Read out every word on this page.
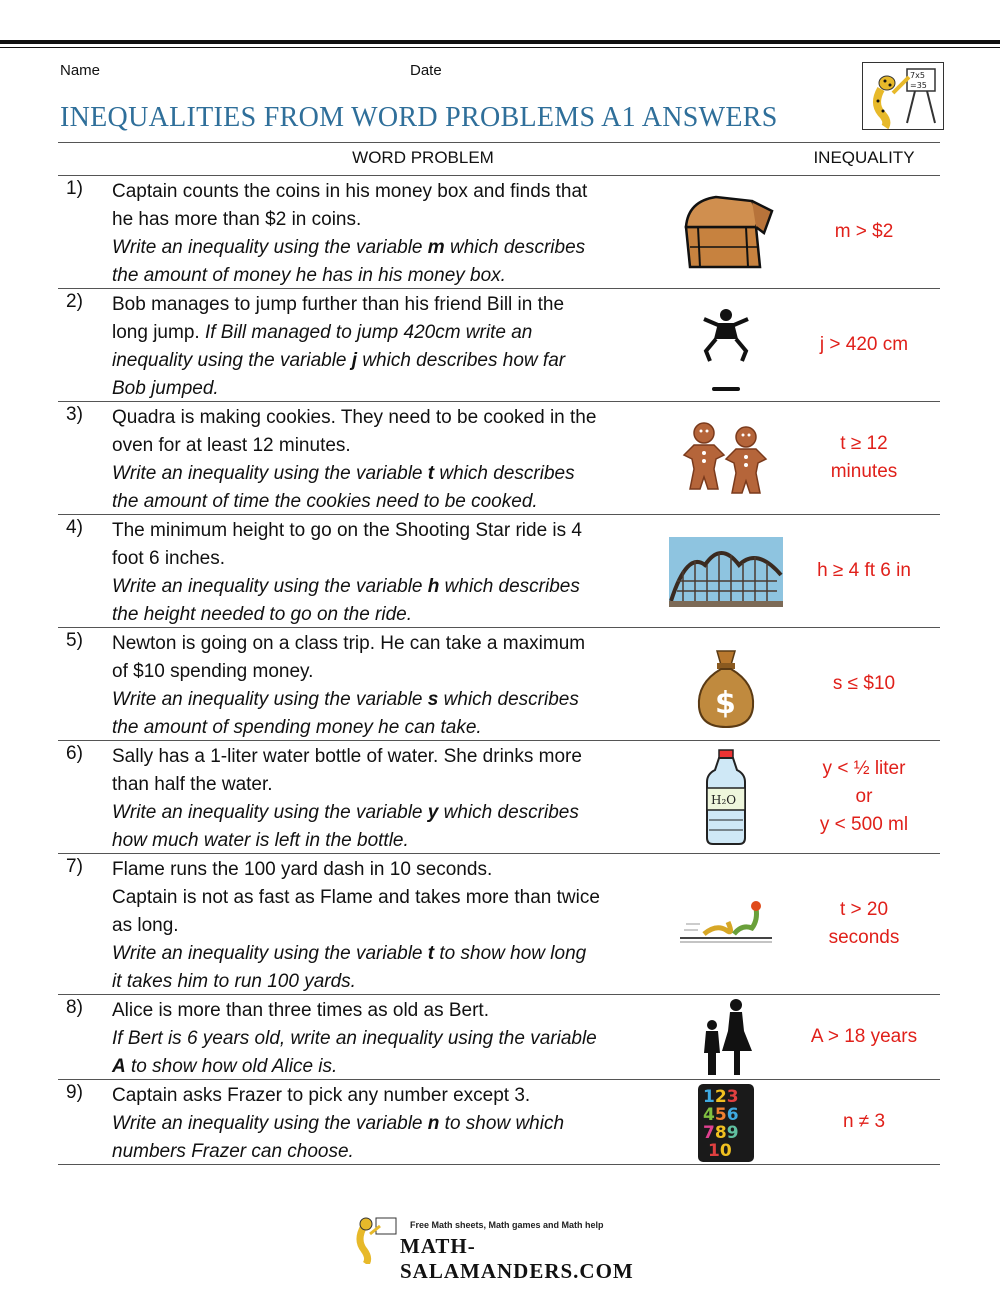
Name	Date
INEQUALITIES FROM WORD PROBLEMS A1 ANSWERS
7x5
=35
WORD PROBLEM	INEQUALITY
1) Captain counts the coins in his money box and finds that
he has more than $2 in coins.
Write an inequality using the variable m which describes
the amount of money he has in his money box.
m > $2
2) Bob manages to jump further than his friend Bill in the
long jump. If Bill managed to jump 420cm write an
inequality using the variable j which describes how far
Bob jumped.
j > 420 cm
3) Quadra is making cookies. They need to be cooked in the
oven for at least 12 minutes.
Write an inequality using the variable t which describes
the amount of time the cookies need to be cooked.
t ≥ 12
minutes
4) The minimum height to go on the Shooting Star ride is 4
foot 6 inches.
Write an inequality using the variable h which describes
the height needed to go on the ride.
h ≥ 4 ft 6 in
5) Newton is going on a class trip. He can take a maximum
of $10 spending money.
Write an inequality using the variable s which describes
the amount of spending money he can take.
$
s ≤ $10
6) Sally has a 1-liter water bottle of water. She drinks more
than half the water.
Write an inequality using the variable y which describes
how much water is left in the bottle.
H₂O
y < ½ liter
or
y < 500 ml
7) Flame runs the 100 yard dash in 10 seconds.
Captain is not as fast as Flame and takes more than twice
as long.
Write an inequality using the variable t to show how long
it takes him to run 100 yards.
t > 20
seconds
8) Alice is more than three times as old as Bert.
If Bert is 6 years old, write an inequality using the variable
A to show how old Alice is.
A > 18 years
9) Captain asks Frazer to pick any number except 3.
Write an inequality using the variable n to show which
numbers Frazer can choose.
123
456
789
10
n ≠ 3
Free Math sheets, Math games and Math help
MATH-SALAMANDERS.COM
